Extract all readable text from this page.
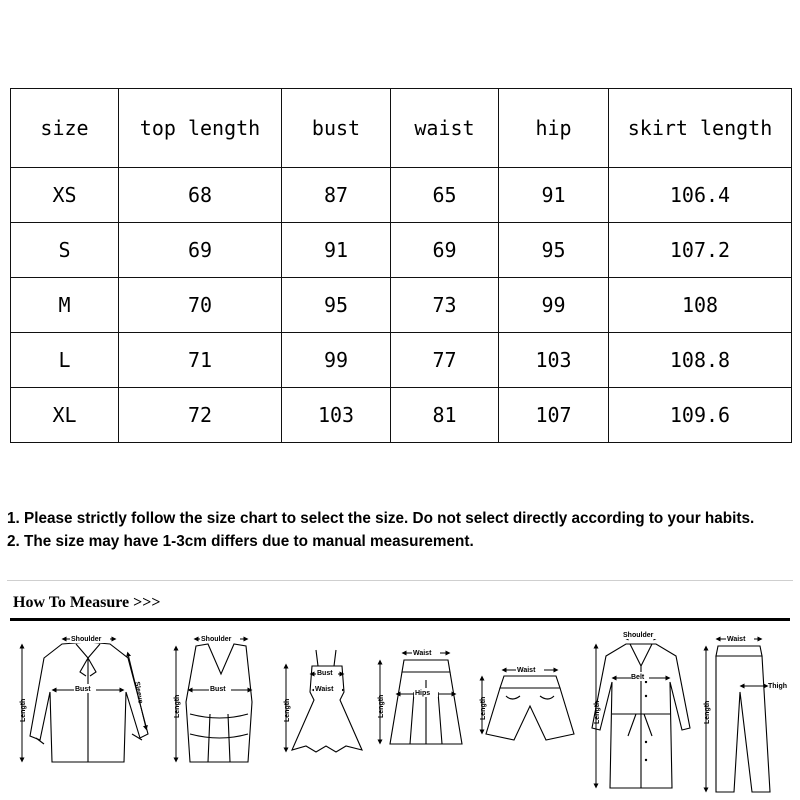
size	top length	bust	waist	hip	skirt length
XS	68	87	65	91	106.4
S	69	91	69	95	107.2
M	70	95	73	99	108
L	71	99	77	103	108.8
XL	72	103	81	107	109.6

1. Please strictly follow the size chart to select the size. Do not select directly according to your habits.

2. The size may have 1-3cm differs due to manual measurement.

How To Measure >>>
Shoulder
Bust
Length
Sleeve
Shoulder
Bust
Length
Bust
Waist
Length
Waist
Hips
Length
Waist
Length
Shoulder
Belt
Length
Waist
Thigh
Length
